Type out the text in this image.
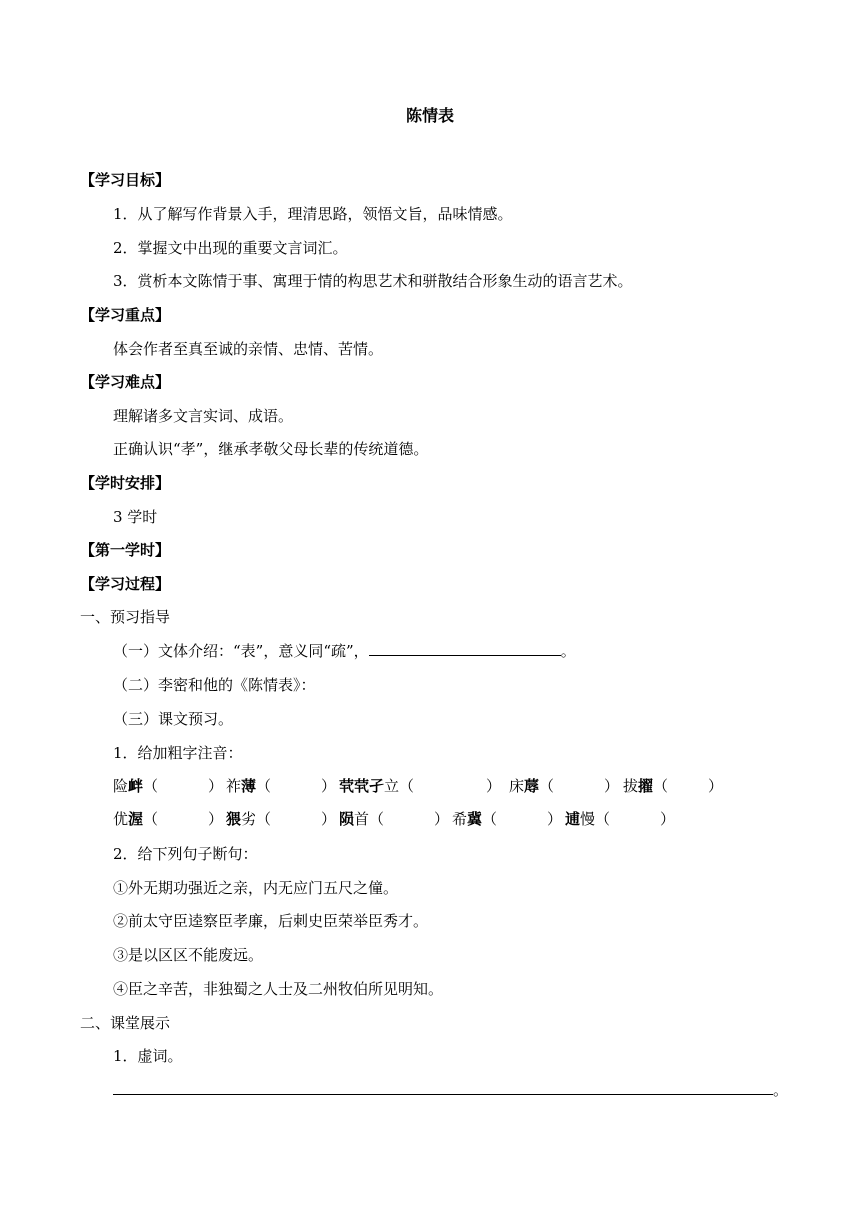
陈情表
【学习目标】
1．从了解写作背景入手，理清思路，领悟文旨，品味情感。
2．掌握文中出现的重要文言词汇。
3．赏析本文陈情于事、寓理于情的构思艺术和骈散结合形象生动的语言艺术。
【学习重点】
体会作者至真至诚的亲情、忠情、苦情。
【学习难点】
理解诸多文言实词、成语。
正确认识“孝”，继承孝敬父母长辈的传统道德。
【学时安排】
3 学时
【第一学时】
【学习过程】
一、预习指导
（一）文体介绍：“表”，意义同“疏”，	。
（二）李密和他的《陈情表》：
（三）课文预习。
1．给加粗字注音：
险衅（	） 祚薄（	） 茕茕孑立（	） 床蓐（	） 拔擢（	）
优渥（	） 猥劣（	） 陨首（	） 希冀（	） 逋慢（	）
2．给下列句子断句：
①外无期功强近之亲，内无应门五尺之僮。
②前太守臣逵察臣孝廉，后刺史臣荣举臣秀才。
③是以区区不能废远。
④臣之辛苦，非独蜀之人士及二州牧伯所见明知。
二、课堂展示
1．虚词。
。
